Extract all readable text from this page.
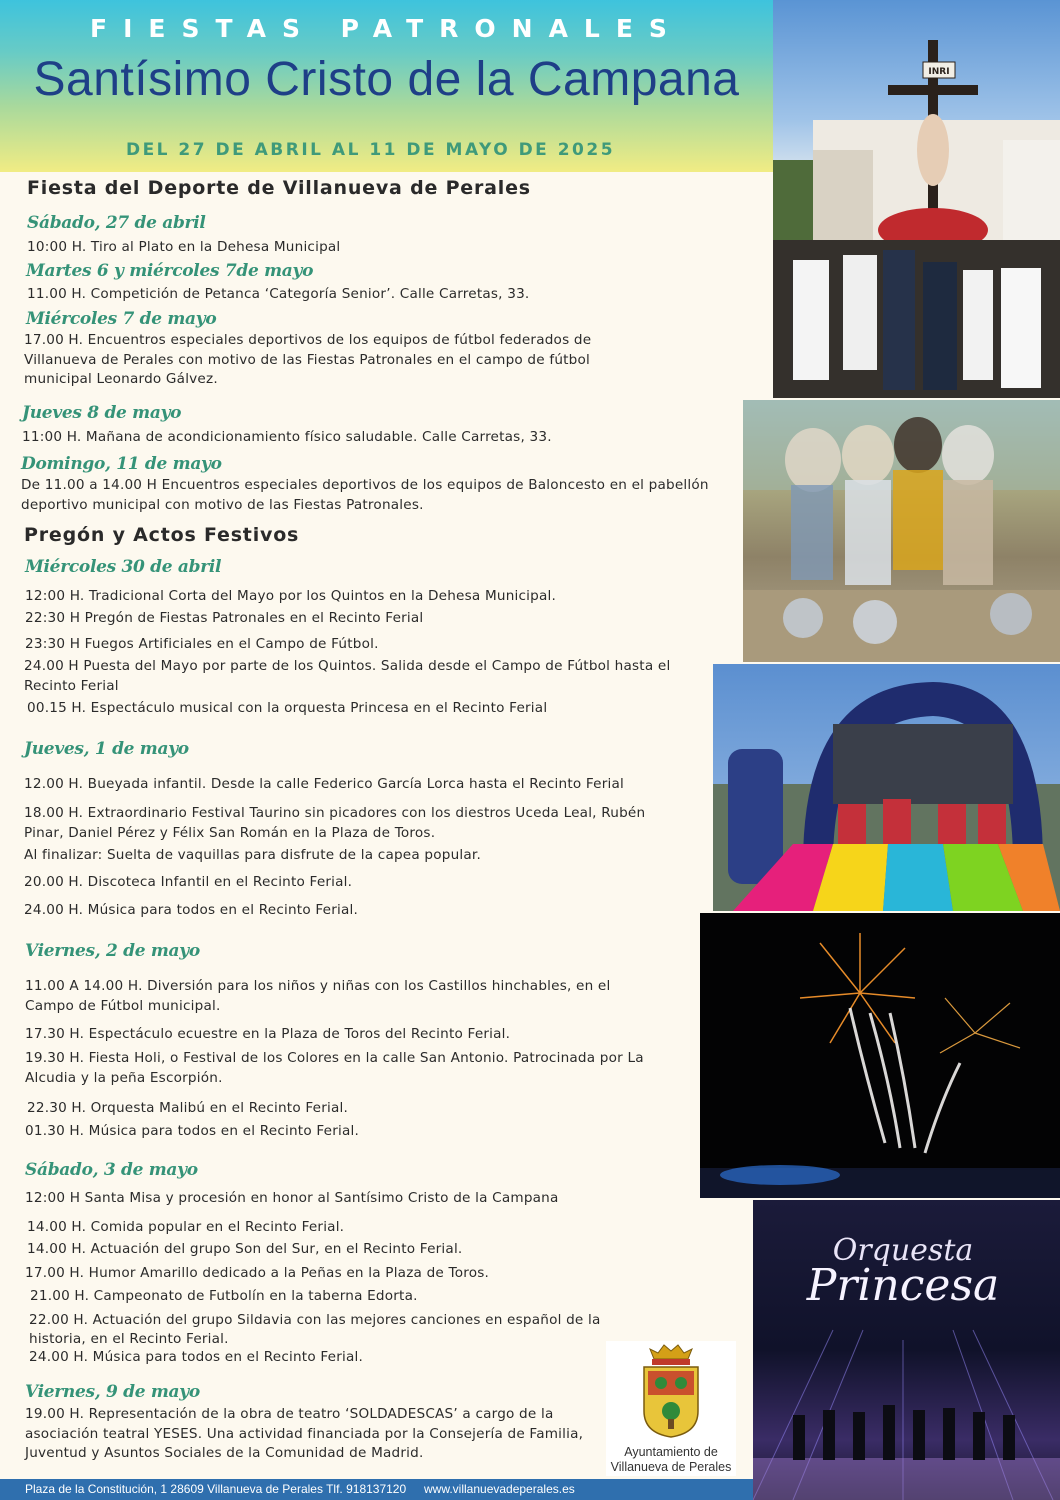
FIESTAS PATRONALES
Santísimo Cristo de la Campana
DEL 27 DE ABRIL AL 11 DE MAYO DE 2025
Fiesta del Deporte de Villanueva de Perales
Sábado, 27 de abril
10:00 H. Tiro al Plato en la Dehesa Municipal
Martes 6 y miércoles 7de mayo
11.00 H. Competición de Petanca ‘Categoría Senior’. Calle Carretas, 33.
Miércoles 7 de mayo
17.00 H. Encuentros especiales deportivos de los equipos de fútbol federados de Villanueva de Perales con motivo de las Fiestas Patronales en el campo de fútbol municipal Leonardo Gálvez.
Jueves 8 de mayo
11:00 H. Mañana de acondicionamiento físico saludable. Calle Carretas, 33.
Domingo, 11 de mayo
De 11.00 a 14.00 H Encuentros especiales deportivos de los equipos de Baloncesto en el pabellón deportivo municipal con motivo de las Fiestas Patronales.
Pregón y Actos Festivos
Miércoles 30 de abril
12:00 H. Tradicional Corta del Mayo por los Quintos en la Dehesa Municipal.
22:30 H Pregón de Fiestas Patronales en el Recinto Ferial
23:30 H Fuegos Artificiales en el Campo de Fútbol.
24.00 H Puesta del Mayo por parte de los Quintos. Salida desde el Campo de Fútbol hasta el Recinto Ferial
00.15 H. Espectáculo musical con la orquesta Princesa en el Recinto Ferial
Jueves, 1 de mayo
12.00 H. Bueyada infantil. Desde la calle Federico García Lorca hasta el Recinto Ferial
18.00 H. Extraordinario Festival Taurino sin picadores con los diestros Uceda Leal, Rubén Pinar, Daniel Pérez y Félix San Román en la Plaza de Toros.
Al finalizar: Suelta de vaquillas para disfrute de la capea popular.
20.00 H. Discoteca Infantil en el Recinto Ferial.
24.00 H. Música para todos en el Recinto Ferial.
Viernes, 2 de mayo
11.00 A 14.00 H. Diversión para los niños y niñas con los Castillos hinchables, en el Campo de Fútbol municipal.
17.30 H. Espectáculo ecuestre en la Plaza de Toros del Recinto Ferial.
19.30 H. Fiesta Holi, o Festival de los Colores en la calle San Antonio. Patrocinada por La Alcudia y la peña Escorpión.
22.30 H. Orquesta Malibú en el Recinto Ferial.
01.30 H. Música para todos en el Recinto Ferial.
Sábado, 3 de mayo
12:00 H Santa Misa y procesión en honor al Santísimo Cristo de la Campana
14.00 H. Comida popular en el Recinto Ferial.
14.00 H. Actuación del grupo Son del Sur, en el Recinto Ferial.
17.00 H. Humor Amarillo dedicado a la Peñas en la Plaza de Toros.
21.00 H. Campeonato de Futbolín en la taberna Edorta.
22.00 H. Actuación del grupo Sildavia con las mejores canciones en español de la historia, en el Recinto Ferial.
24.00 H. Música para todos en el Recinto Ferial.
Viernes, 9 de mayo
19.00 H. Representación de la obra de teatro ‘SOLDADESCAS’ a cargo de la asociación teatral YESES. Una actividad financiada por la Consejería de Familia, Juventud y Asuntos Sociales de la Comunidad de Madrid.
INRI
Orquesta
Princesa
Ayuntamiento de
Villanueva de Perales
Plaza de la Constitución, 1 28609 Villanueva de Perales Tlf. 918137120 www.villanuevadeperales.es
